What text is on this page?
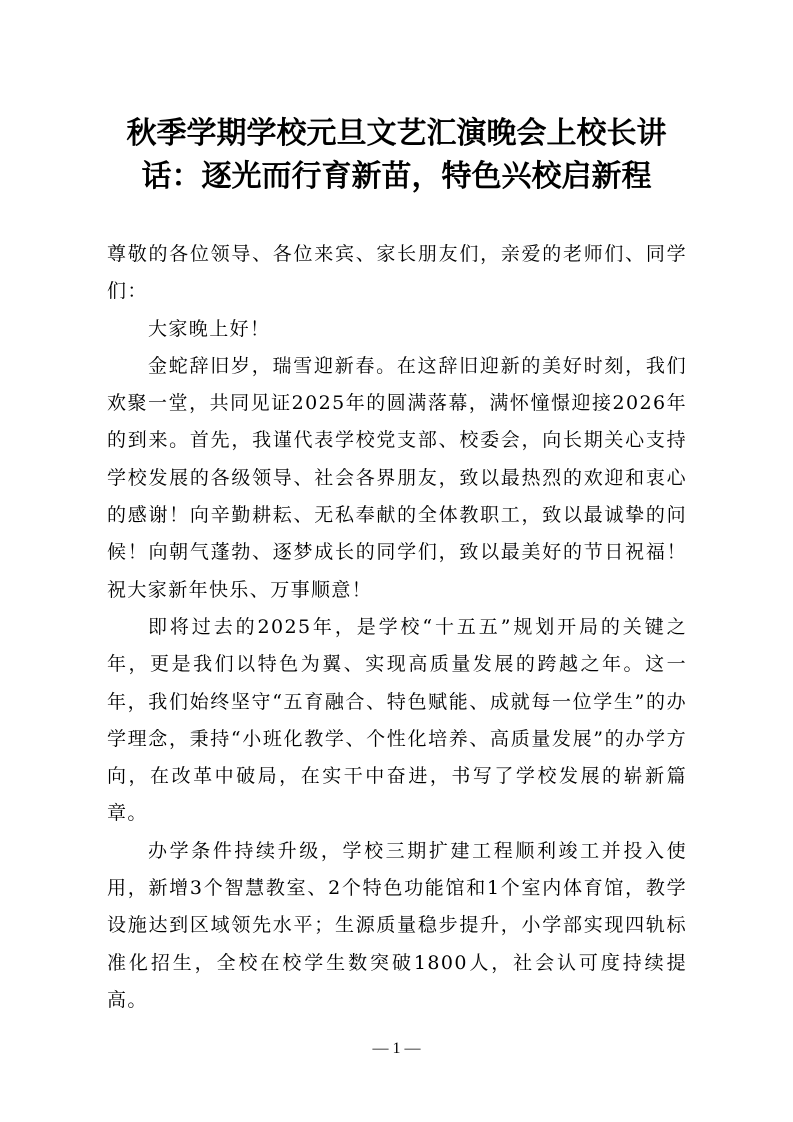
秋季学期学校元旦文艺汇演晚会上校长讲
话：逐光而行育新苗，特色兴校启新程

尊敬的各位领导、各位来宾、家长朋友们，亲爱的老师们、同学们：

大家晚上好！

金蛇辞旧岁，瑞雪迎新春。在这辞旧迎新的美好时刻，我们欢聚一堂，共同见证2025年的圆满落幕，满怀憧憬迎接2026年的到来。首先，我谨代表学校党支部、校委会，向长期关心支持学校发展的各级领导、社会各界朋友，致以最热烈的欢迎和衷心的感谢！向辛勤耕耘、无私奉献的全体教职工，致以最诚挚的问候！向朝气蓬勃、逐梦成长的同学们，致以最美好的节日祝福！祝大家新年快乐、万事顺意！

即将过去的2025年，是学校“十五五”规划开局的关键之年，更是我们以特色为翼、实现高质量发展的跨越之年。这一年，我们始终坚守“五育融合、特色赋能、成就每一位学生”的办学理念，秉持“小班化教学、个性化培养、高质量发展”的办学方向，在改革中破局，在实干中奋进，书写了学校发展的崭新篇章。

办学条件持续升级，学校三期扩建工程顺利竣工并投入使用，新增3个智慧教室、2个特色功能馆和1个室内体育馆，教学设施达到区域领先水平；生源质量稳步提升，小学部实现四轨标准化招生，全校在校学生数突破1800人，社会认可度持续提高。

— 1 —
